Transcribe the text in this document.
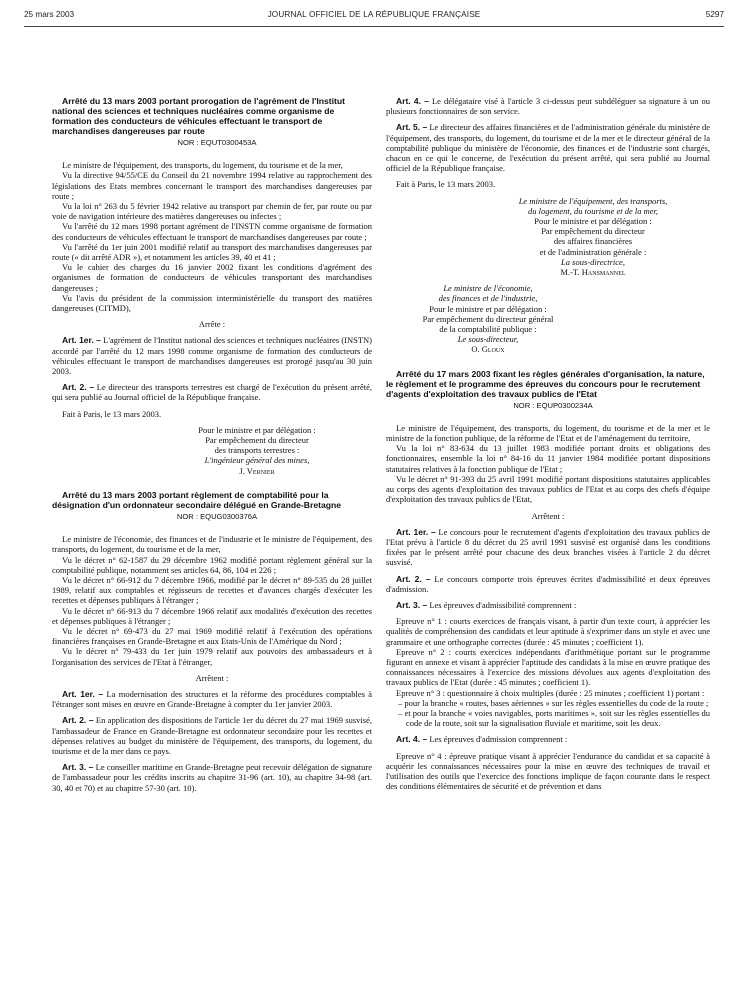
25 mars 2003	JOURNAL OFFICIEL DE LA RÉPUBLIQUE FRANÇAISE	5297

Arrêté du 13 mars 2003 portant prorogation de l'agrément de l'Institut national des sciences et techniques nucléaires comme organisme de formation des conducteurs de véhicules effectuant le transport de marchandises dangereuses par route

NOR : EQUT0300453A

Le ministre de l'équipement, des transports, du logement, du tourisme et de la mer,

Vu la directive 94/55/CE du Conseil du 21 novembre 1994 relative au rapprochement des législations des Etats membres concernant le transport des marchandises dangereuses par route ;

Vu la loi n° 263 du 5 février 1942 relative au transport par chemin de fer, par route ou par voie de navigation intérieure des matières dangereuses ou infectes ;

Vu l'arrêté du 12 mars 1998 portant agrément de l'INSTN comme organisme de formation des conducteurs de véhicules effectuant le transport de marchandises dangereuses par route ;

Vu l'arrêté du 1er juin 2001 modifié relatif au transport des marchandises dangereuses par route (« dit arrêté ADR »), et notamment les articles 39, 40 et 41 ;

Vu le cahier des charges du 16 janvier 2002 fixant les conditions d'agrément des organismes de formation de conducteurs de véhicules transportant des marchandises dangereuses ;

Vu l'avis du président de la commission interministérielle du transport des matières dangereuses (CITMD),

Arrête :

Art. 1er. – L'agrément de l'Institut national des sciences et techniques nucléaires (INSTN) accordé par l'arrêté du 12 mars 1998 comme organisme de formation des conducteurs de véhicules effectuant le transport de marchandises dangereuses est prorogé jusqu'au 30 juin 2003.

Art. 2. – Le directeur des transports terrestres est chargé de l'exécution du présent arrêté, qui sera publié au Journal officiel de la République française.

Fait à Paris, le 13 mars 2003.

Pour le ministre et par délégation :
Par empêchement du directeur
des transports terrestres :
L'ingénieur général des mines,
J. Vernier

Arrêté du 13 mars 2003 portant règlement de comptabilité pour la désignation d'un ordonnateur secondaire délégué en Grande-Bretagne

NOR : EQUG0300376A

Le ministre de l'économie, des finances et de l'industrie et le ministre de l'équipement, des transports, du logement, du tourisme et de la mer,

Vu le décret n° 62-1587 du 29 décembre 1962 modifié portant règlement général sur la comptabilité publique, notamment ses articles 64, 86, 104 et 226 ;

Vu le décret n° 66-912 du 7 décembre 1966, modifié par le décret n° 89-535 du 28 juillet 1989, relatif aux comptables et régisseurs de recettes et d'avances chargés d'exécuter les recettes et dépenses publiques à l'étranger ;

Vu le décret n° 66-913 du 7 décembre 1966 relatif aux modalités d'exécution des recettes et dépenses publiques à l'étranger ;

Vu le décret n° 69-473 du 27 mai 1969 modifié relatif à l'exécution des opérations financières françaises en Grande-Bretagne et aux Etats-Unis de l'Amérique du Nord ;

Vu le décret n° 79-433 du 1er juin 1979 relatif aux pouvoirs des ambassadeurs et à l'organisation des services de l'Etat à l'étranger,

Arrêtent :

Art. 1er. – La modernisation des structures et la réforme des procédures comptables à l'étranger sont mises en œuvre en Grande-Bretagne à compter du 1er janvier 2003.

Art. 2. – En application des dispositions de l'article 1er du décret du 27 mai 1969 susvisé, l'ambassadeur de France en Grande-Bretagne est ordonnateur secondaire pour les recettes et dépenses relatives au budget du ministère de l'équipement, des transports, du logement, du tourisme et de la mer dans ce pays.

Art. 3. – Le conseiller maritime en Grande-Bretagne peut recevoir délégation de signature de l'ambassadeur pour les crédits inscrits au chapitre 31-96 (art. 10), au chapitre 34-98 (art. 30, 40 et 70) et au chapitre 57-30 (art. 10).

Art. 4. – Le délégataire visé à l'article 3 ci-dessus peut subdéléguer sa signature à un ou plusieurs fonctionnaires de son service.

Art. 5. – Le directeur des affaires financières et de l'administration générale du ministère de l'équipement, des transports, du logement, du tourisme et de la mer et le directeur général de la comptabilité publique du ministère de l'économie, des finances et de l'industrie sont chargés, chacun en ce qui le concerne, de l'exécution du présent arrêté, qui sera publié au Journal officiel de la République française.

Fait à Paris, le 13 mars 2003.

Le ministre de l'équipement, des transports,
du logement, du tourisme et de la mer,
Pour le ministre et par délégation :
Par empêchement du directeur
des affaires financières
et de l'administration générale :
La sous-directrice,
M.-T. Hansmannel
Le ministre de l'économie,
des finances et de l'industrie,
Pour le ministre et par délégation :
Par empêchement du directeur général
de la comptabilité publique :
Le sous-directeur,
O. Gloux

Arrêté du 17 mars 2003 fixant les règles générales d'organisation, la nature, le règlement et le programme des épreuves du concours pour le recrutement d'agents d'exploitation des travaux publics de l'Etat

NOR : EQUP0300234A

Le ministre de l'équipement, des transports, du logement, du tourisme et de la mer et le ministre de la fonction publique, de la réforme de l'Etat et de l'aménagement du territoire,

Vu la loi n° 83-634 du 13 juillet 1983 modifiée portant droits et obligations des fonctionnaires, ensemble la loi n° 84-16 du 11 janvier 1984 modifiée portant dispositions statutaires relatives à la fonction publique de l'Etat ;

Vu le décret n° 91-393 du 25 avril 1991 modifié portant dispositions statutaires applicables au corps des agents d'exploitation des travaux publics de l'Etat et au corps des chefs d'équipe d'exploitation des travaux publics de l'Etat,

Arrêtent :

Art. 1er. – Le concours pour le recrutement d'agents d'exploitation des travaux publics de l'Etat prévu à l'article 8 du décret du 25 avril 1991 susvisé est organisé dans les conditions fixées par le présent arrêté pour chacune des deux branches visées à l'article 2 du décret susvisé.

Art. 2. – Le concours comporte trois épreuves écrites d'admissibilité et deux épreuves d'admission.

Art. 3. – Les épreuves d'admissibilité comprennent :

Epreuve n° 1 : courts exercices de français visant, à partir d'un texte court, à apprécier les qualités de compréhension des candidats et leur aptitude à s'exprimer dans un style et avec une grammaire et une orthographe correctes (durée : 45 minutes ; coefficient 1).

Epreuve n° 2 : courts exercices indépendants d'arithmétique portant sur le programme figurant en annexe et visant à apprécier l'aptitude des candidats à la mise en œuvre pratique des connaissances nécessaires à l'exercice des missions dévolues aux agents d'exploitation des travaux publics de l'Etat (durée : 45 minutes ; coefficient 1).

Epreuve n° 3 : questionnaire à choix multiples (durée : 25 minutes ; coefficient 1) portant :

– pour la branche « routes, bases aériennes » sur les règles essentielles du code de la route ;

– et pour la branche « voies navigables, ports maritimes », soit sur les règles essentielles du code de la route, soit sur la signalisation fluviale et maritime, soit les deux.

Art. 4. – Les épreuves d'admission comprennent :

Epreuve n° 4 : épreuve pratique visant à apprécier l'endurance du candidat et sa capacité à acquérir les connaissances nécessaires pour la mise en œuvre des techniques de travail et l'utilisation des outils que l'exercice des fonctions implique de façon courante dans le respect des conditions élémentaires de sécurité et de prévention et dans
